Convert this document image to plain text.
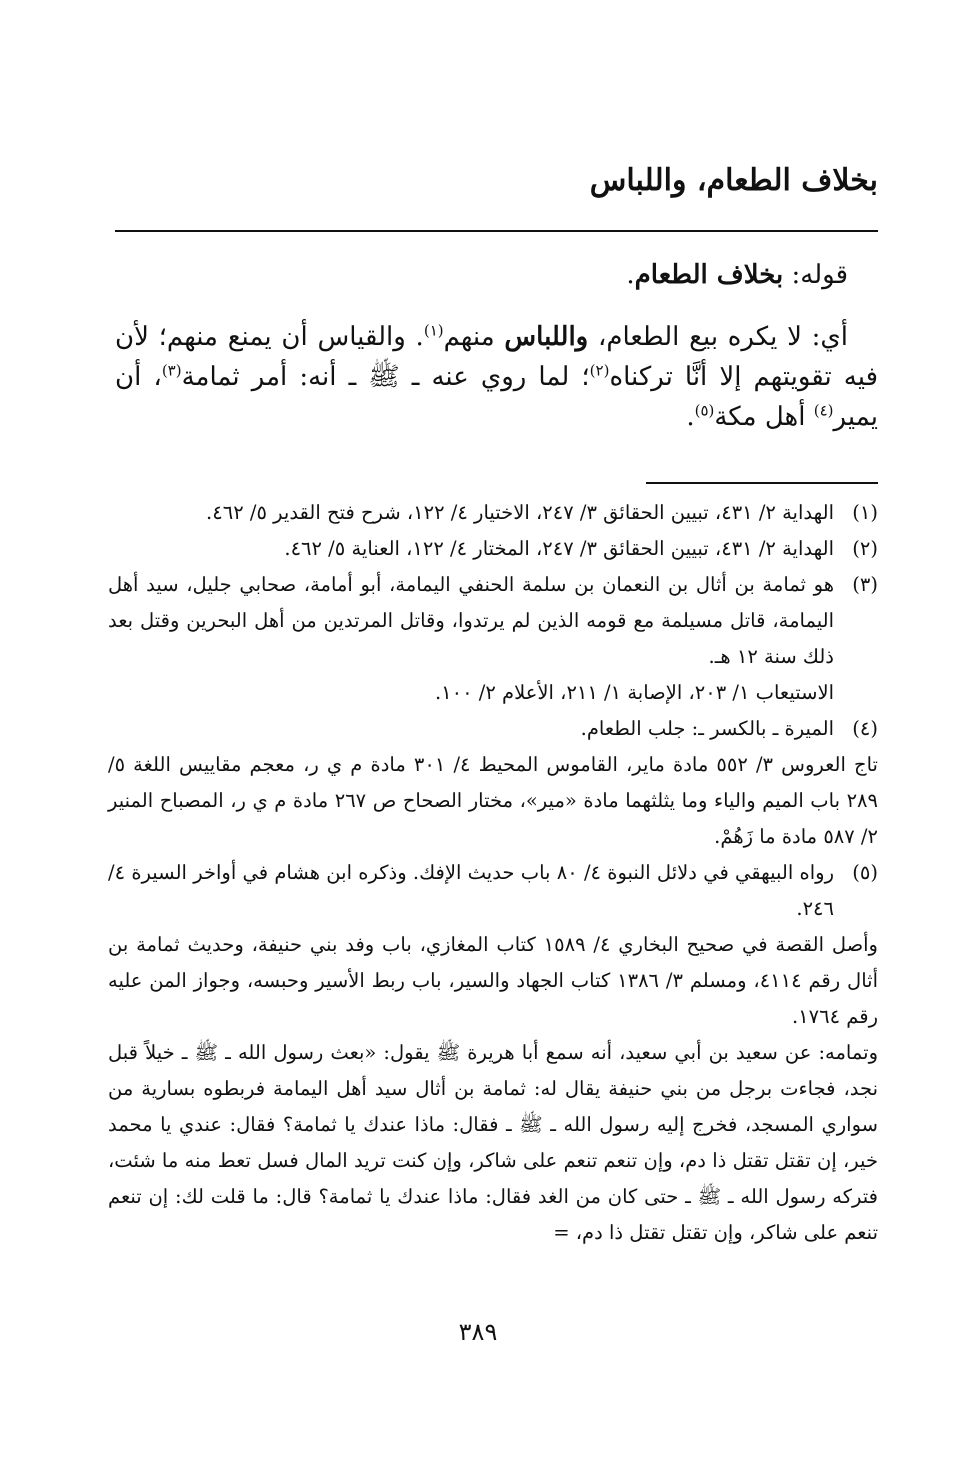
بخلاف الطعام، واللباس
قوله: بخلاف الطعام.

أي: لا يكره بيع الطعام، واللباس منهم$^{(١)}$. والقياس أن يمنع منهم؛ لأن فيه تقويتهم إلا أنَّا تركناه$^{(٢)}$؛ لما روي عنه ـ ﷺ ـ أنه: أمر ثمامة$^{(٣)}$، أن يمير$^{(٤)}$ أهل مكة$^{(٥)}$.

(١)
الهداية ٢/ ٤٣١، تبيين الحقائق ٣/ ٢٤٧، الاختيار ٤/ ١٢٢، شرح فتح القدير ٥/ ٤٦٢.
(٢)
الهداية ٢/ ٤٣١، تبيين الحقائق ٣/ ٢٤٧، المختار ٤/ ١٢٢، العناية ٥/ ٤٦٢.
(٣)
هو ثمامة بن أثال بن النعمان بن سلمة الحنفي اليمامة، أبو أمامة، صحابي جليل، سيد أهل اليمامة، قاتل مسيلمة مع قومه الذين لم يرتدوا، وقاتل المرتدين من أهل البحرين وقتل بعد ذلك سنة ١٢ هـ.
الاستيعاب ١/ ٢٠٣، الإصابة ١/ ٢١١، الأعلام ٢/ ١٠٠.
(٤)
الميرة ـ بالكسر ـ: جلب الطعام.
تاج العروس ٣/ ٥٥٢ مادة ماير، القاموس المحيط ٤/ ٣٠١ مادة م ي ر، معجم مقاييس اللغة ٥/ ٢٨٩ باب الميم والياء وما يثلثهما مادة «مير»، مختار الصحاح ص ٢٦٧ مادة م ي ر، المصباح المنير ٢/ ٥٨٧ مادة ما زَهُمْ.
(٥)
رواه البيهقي في دلائل النبوة ٤/ ٨٠ باب حديث الإفك. وذكره ابن هشام في أواخر السيرة ٤/ ٢٤٦.
وأصل القصة في صحيح البخاري ٤/ ١٥٨٩ كتاب المغازي، باب وفد بني حنيفة، وحديث ثمامة بن أثال رقم ٤١١٤، ومسلم ٣/ ١٣٨٦ كتاب الجهاد والسير، باب ربط الأسير وحبسه، وجواز المن عليه رقم ١٧٦٤.
وتمامه: عن سعيد بن أبي سعيد، أنه سمع أبا هريرة ﷺ يقول: «بعث رسول الله ـ ﷺ ـ خيلاً قبل نجد، فجاءت برجل من بني حنيفة يقال له: ثمامة بن أثال سيد أهل اليمامة فربطوه بسارية من سواري المسجد، فخرج إليه رسول الله ـ ﷺ ـ فقال: ماذا عندك يا ثمامة؟ فقال: عندي يا محمد خير، إن تقتل تقتل ذا دم، وإن تنعم تنعم على شاكر، وإن كنت تريد المال فسل تعط منه ما شئت، فتركه رسول الله ـ ﷺ ـ حتى كان من الغد فقال: ماذا عندك يا ثمامة؟ قال: ما قلت لك: إن تنعم تنعم على شاكر، وإن تقتل تقتل ذا دم، =
٣٨٩
